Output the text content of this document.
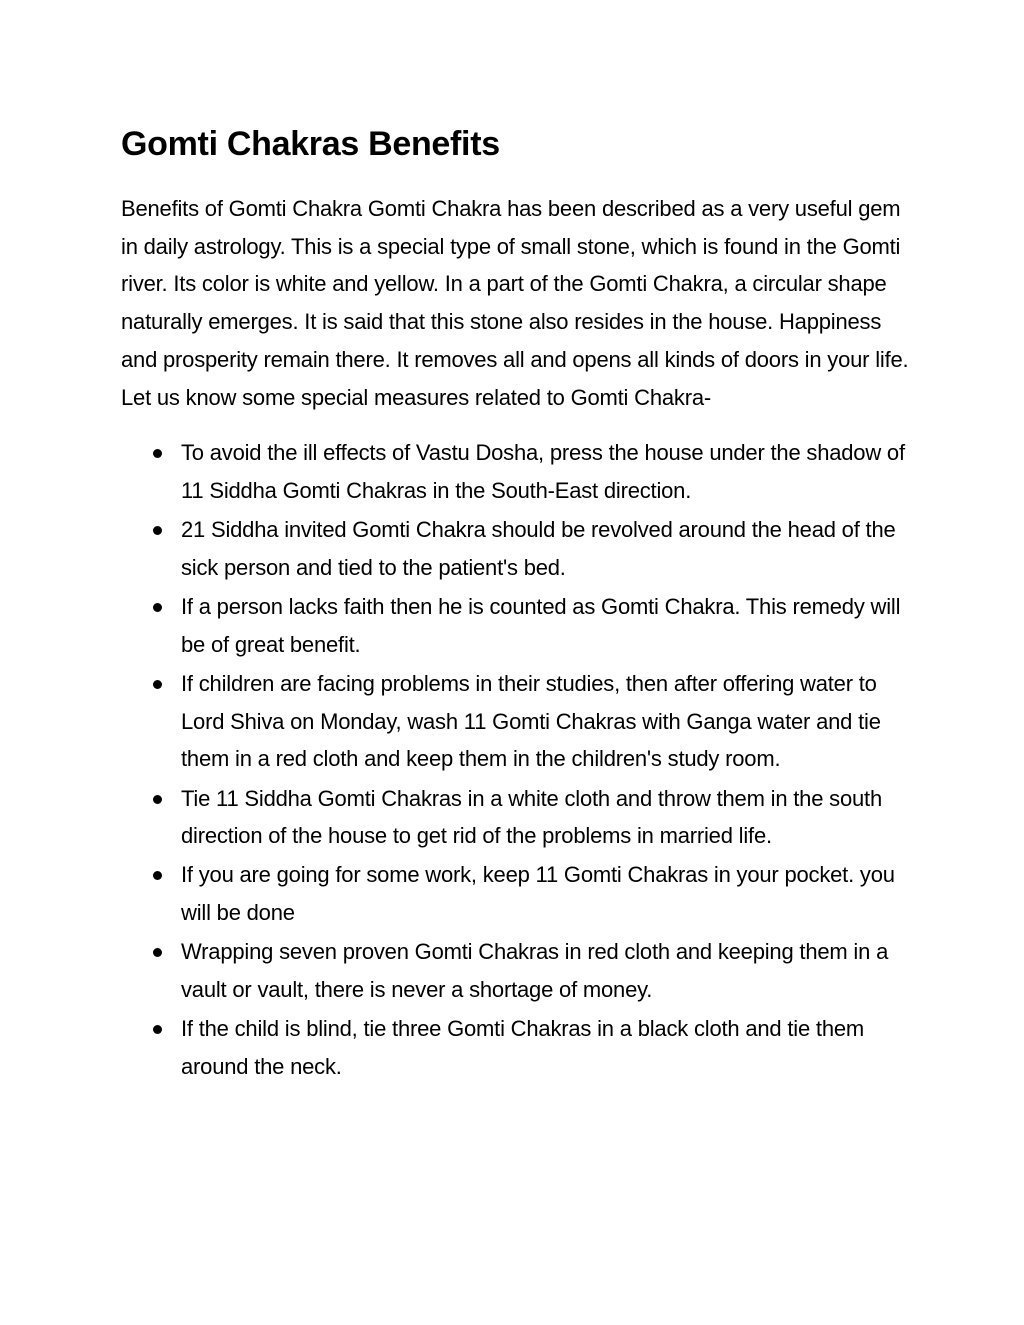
Gomti Chakras Benefits

Benefits of Gomti Chakra Gomti Chakra has been described as a very useful gem in daily astrology. This is a special type of small stone, which is found in the Gomti river. Its color is white and yellow. In a part of the Gomti Chakra, a circular shape naturally emerges. It is said that this stone also resides in the house. Happiness and prosperity remain there. It removes all and opens all kinds of doors in your life. Let us know some special measures related to Gomti Chakra-

To avoid the ill effects of Vastu Dosha, press the house under the shadow of 11 Siddha Gomti Chakras in the South-East direction.
21 Siddha invited Gomti Chakra should be revolved around the head of the sick person and tied to the patient's bed.
If a person lacks faith then he is counted as Gomti Chakra. This remedy will be of great benefit.
If children are facing problems in their studies, then after offering water to Lord Shiva on Monday, wash 11 Gomti Chakras with Ganga water and tie them in a red cloth and keep them in the children's study room.
Tie 11 Siddha Gomti Chakras in a white cloth and throw them in the south direction of the house to get rid of the problems in married life.
If you are going for some work, keep 11 Gomti Chakras in your pocket. you will be done
Wrapping seven proven Gomti Chakras in red cloth and keeping them in a vault or vault, there is never a shortage of money.
If the child is blind, tie three Gomti Chakras in a black cloth and tie them around the neck.
